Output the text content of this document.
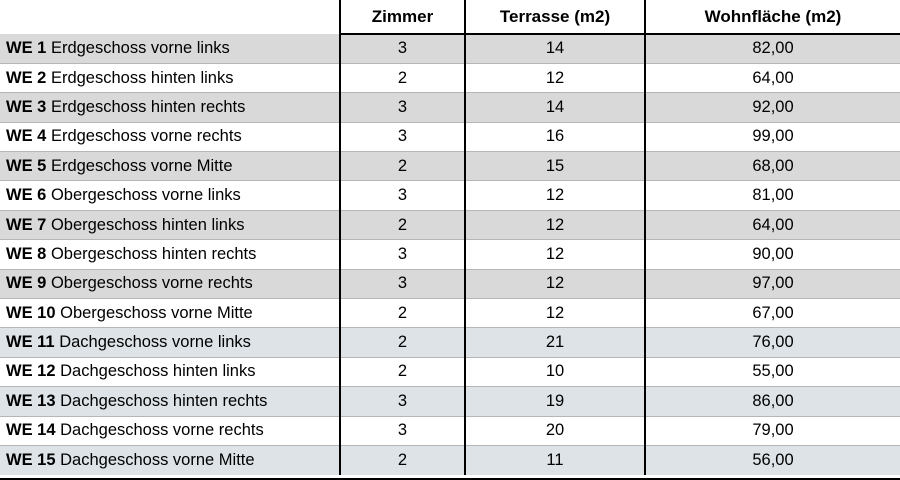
	Zimmer	Terrasse (m2)	Wohnfläche (m2)
WE 1 Erdgeschoss vorne links	3	14	82,00
WE 2 Erdgeschoss hinten links	2	12	64,00
WE 3 Erdgeschoss hinten rechts	3	14	92,00
WE 4 Erdgeschoss vorne rechts	3	16	99,00
WE 5 Erdgeschoss vorne Mitte	2	15	68,00
WE 6 Obergeschoss vorne links	3	12	81,00
WE 7 Obergeschoss hinten links	2	12	64,00
WE 8 Obergeschoss hinten rechts	3	12	90,00
WE 9 Obergeschoss vorne rechts	3	12	97,00
WE 10 Obergeschoss vorne Mitte	2	12	67,00
WE 11 Dachgeschoss vorne links	2	21	76,00
WE 12 Dachgeschoss hinten links	2	10	55,00
WE 13 Dachgeschoss hinten rechts	3	19	86,00
WE 14 Dachgeschoss vorne rechts	3	20	79,00
WE 15 Dachgeschoss vorne Mitte	2	11	56,00
